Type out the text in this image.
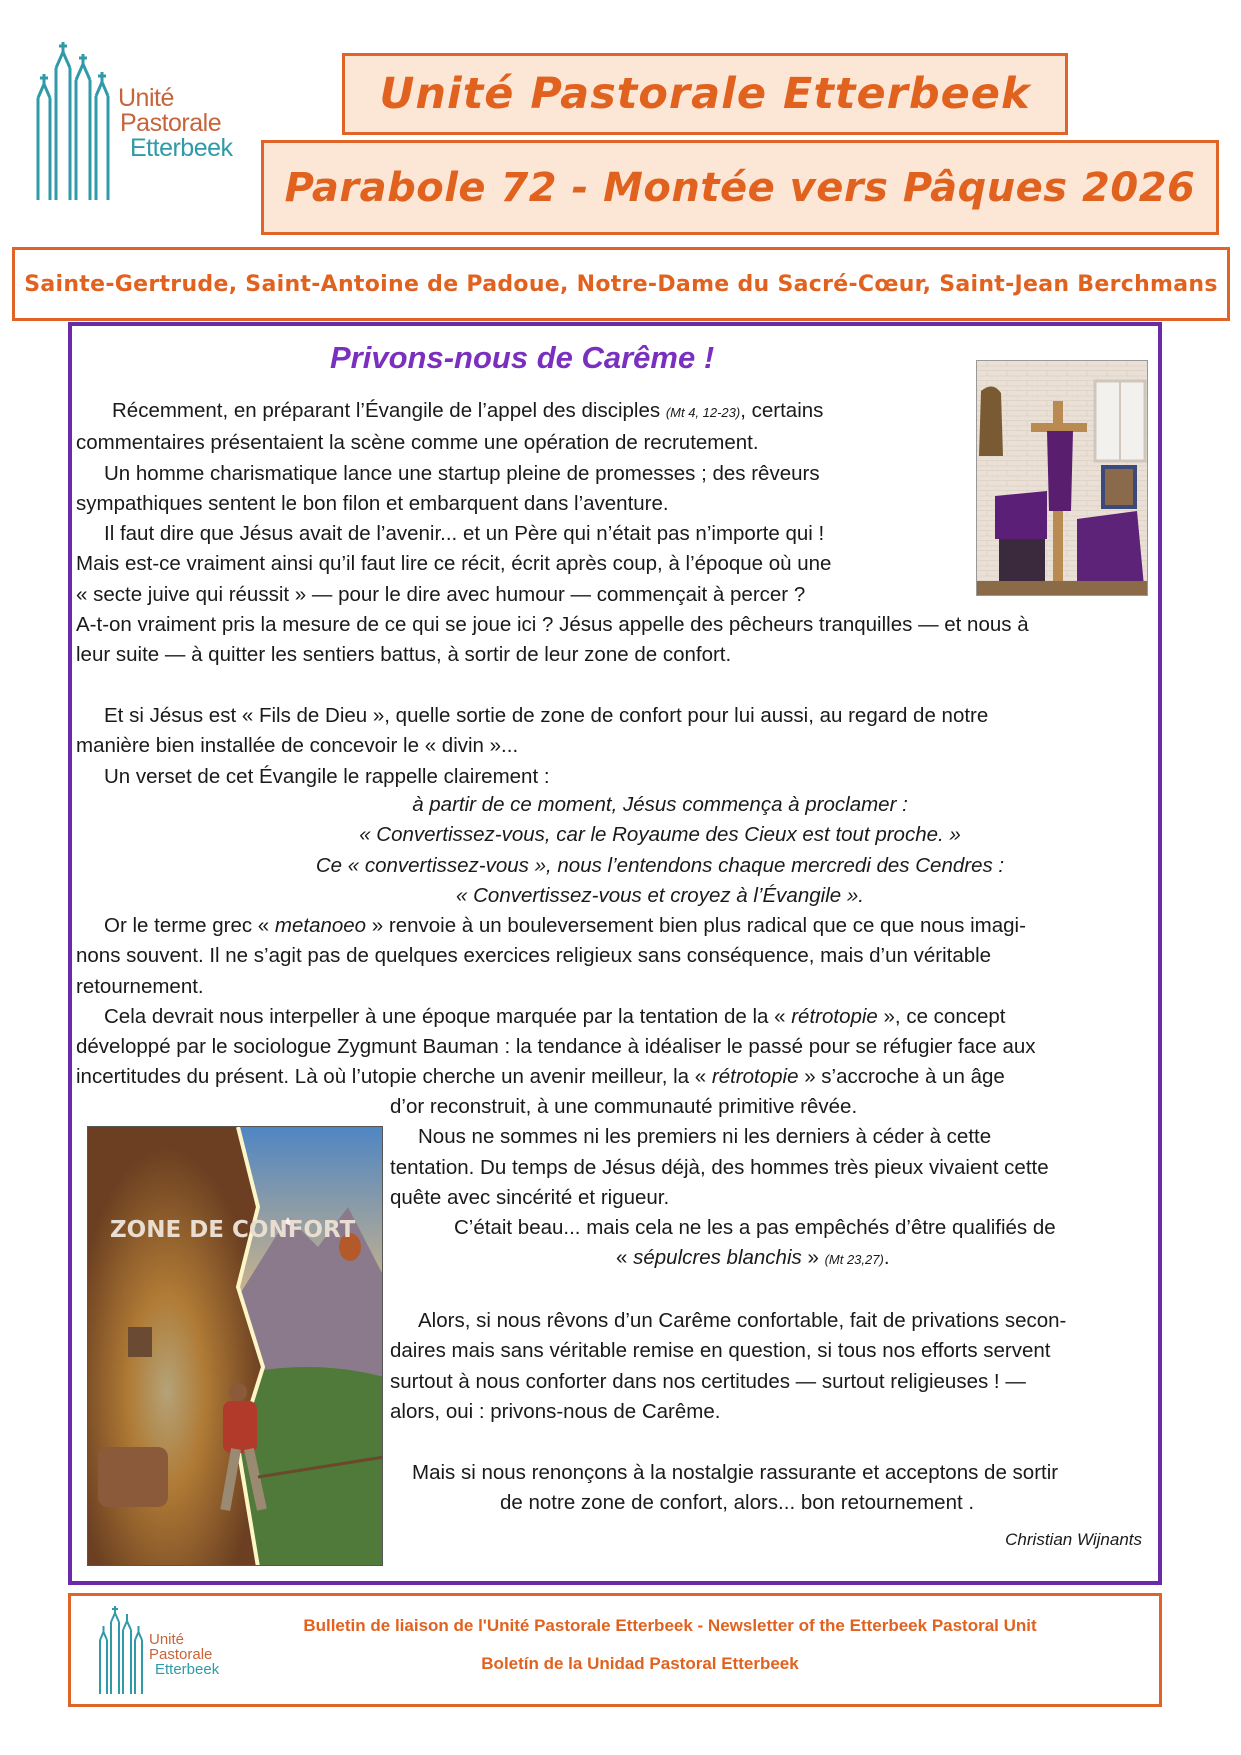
Unité
Pastorale
Etterbeek
Unité Pastorale Etterbeek
Parabole 72 - Montée vers Pâques 2026
Sainte-Gertrude, Saint-Antoine de Padoue, Notre-Dame du Sacré-Cœur, Saint-Jean Berchmans
Privons-nous de Carême !

Récemment, en préparant l’Évangile de l’appel des disciples (Mt 4, 12-23), certains

commentaires présentaient la scène comme une opération de recrutement.

Un homme charismatique lance une startup pleine de promesses ; des rêveurs

sympathiques sentent le bon filon et embarquent dans l’aventure.

Il faut dire que Jésus avait de l’avenir... et un Père qui n’était pas n’importe qui !

Mais est-ce vraiment ainsi qu’il faut lire ce récit, écrit après coup, à l’époque où une

« secte juive qui réussit » — pour le dire avec humour — commençait à percer ?

A-t-on vraiment pris la mesure de ce qui se joue ici ? Jésus appelle des pêcheurs tranquilles — et nous à

leur suite — à quitter les sentiers battus, à sortir de leur zone de confort.

Et si Jésus est « Fils de Dieu », quelle sortie de zone de confort pour lui aussi, au regard de notre

manière bien installée de concevoir le « divin »...

Un verset de cet Évangile le rappelle clairement :

à partir de ce moment, Jésus commença à proclamer :

« Convertissez-vous, car le Royaume des Cieux est tout proche. »

Ce « convertissez-vous », nous l’entendons chaque mercredi des Cendres :

« Convertissez-vous et croyez à l’Évangile ».

Or le terme grec « metanoeo » renvoie à un bouleversement bien plus radical que ce que nous imagi-

nons souvent. Il ne s’agit pas de quelques exercices religieux sans conséquence, mais d’un véritable

retournement.

Cela devrait nous interpeller à une époque marquée par la tentation de la « rétrotopie », ce concept

développé par le sociologue Zygmunt Bauman : la tendance à idéaliser le passé pour se réfugier face aux

incertitudes du présent. Là où l’utopie cherche un avenir meilleur, la « rétrotopie » s’accroche à un âge

ZONE DE CONFORT

d’or reconstruit, à une communauté primitive rêvée.

Nous ne sommes ni les premiers ni les derniers à céder à cette

tentation. Du temps de Jésus déjà, des hommes très pieux vivaient cette

quête avec sincérité et rigueur.

C’était beau... mais cela ne les a pas empêchés d’être qualifiés de

« sépulcres blanchis » (Mt 23,27).

Alors, si nous rêvons d’un Carême confortable, fait de privations secon-

daires mais sans véritable remise en question, si tous nos efforts servent

surtout à nous conforter dans nos certitudes — surtout religieuses ! —

alors, oui : privons-nous de Carême.

Mais si nous renonçons à la nostalgie rassurante et acceptons de sortir

de notre zone de confort, alors... bon retournement .

Christian Wijnants
Unité
Pastorale
Etterbeek
Bulletin de liaison de l'Unité Pastorale Etterbeek - Newsletter of the Etterbeek Pastoral Unit
Boletín de la Unidad Pastoral Etterbeek
